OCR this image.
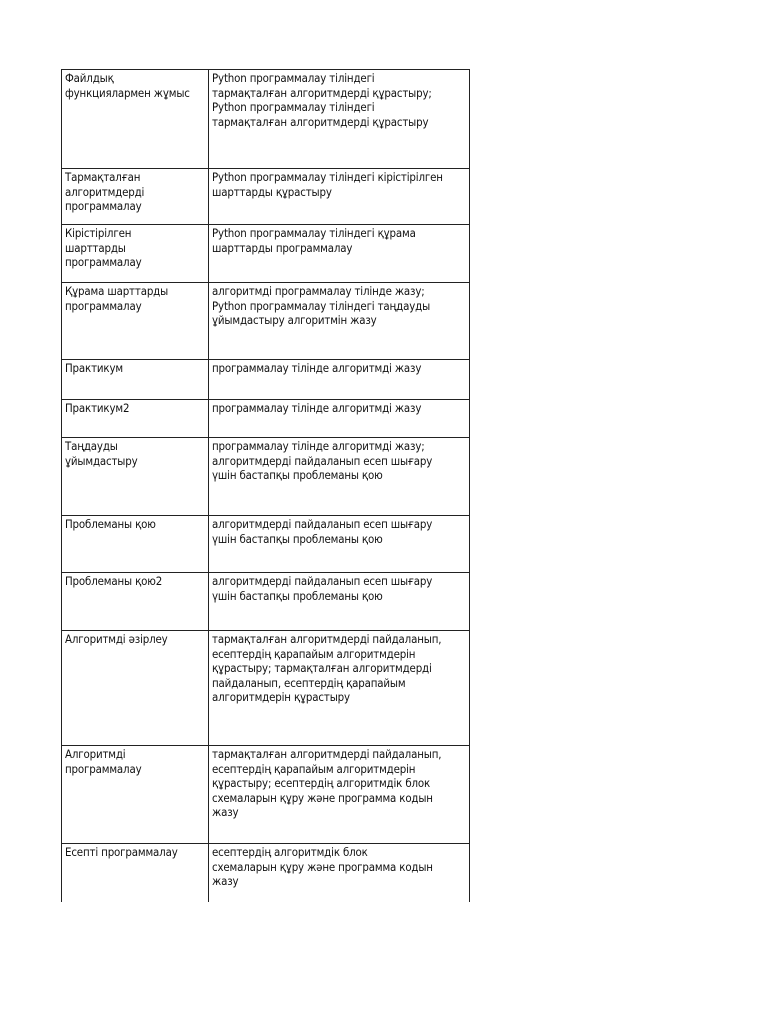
Файлдық
функциялармен жұмыс	Python программалау тіліндегі
тармақталған алгоритмдерді құрастыру;
Python программалау тіліндегі
тармақталған алгоритмдерді құрастыру

Тармақталған
алгоритмдерді
программалау	Python программалау тіліндегі кірістірілген
шарттарды құрастыру

Кірістірілген
шарттарды
программалау	Python программалау тіліндегі құрама
шарттарды программалау

Құрама шарттарды
программалау	алгоритмді программалау тілінде жазу;
Python программалау тіліндегі таңдауды
ұйымдастыру алгоритмін жазу

Практикум	программалау тілінде алгоритмді жазу

Практикум2	программалау тілінде алгоритмді жазу

Таңдауды
ұйымдастыру	программалау тілінде алгоритмді жазу;
алгоритмдерді пайдаланып есеп шығару
үшін бастапқы проблеманы қою

Проблеманы қою	алгоритмдерді пайдаланып есеп шығару
үшін бастапқы проблеманы қою

Проблеманы қою2	алгоритмдерді пайдаланып есеп шығару
үшін бастапқы проблеманы қою

Алгоритмді әзірлеу	тармақталған алгоритмдерді пайдаланып,
есептердің қарапайым алгоритмдерін
құрастыру; тармақталған алгоритмдерді
пайдаланып, есептердің қарапайым
алгоритмдерін құрастыру

Алгоритмді
программалау	тармақталған алгоритмдерді пайдаланып,
есептердің қарапайым алгоритмдерін
құрастыру; есептердің алгоритмдік блок
схемаларын құру және программа кодын
жазу

Есепті программалау	есептердің алгоритмдік блок
схемаларын құру және программа кодын
жазу
